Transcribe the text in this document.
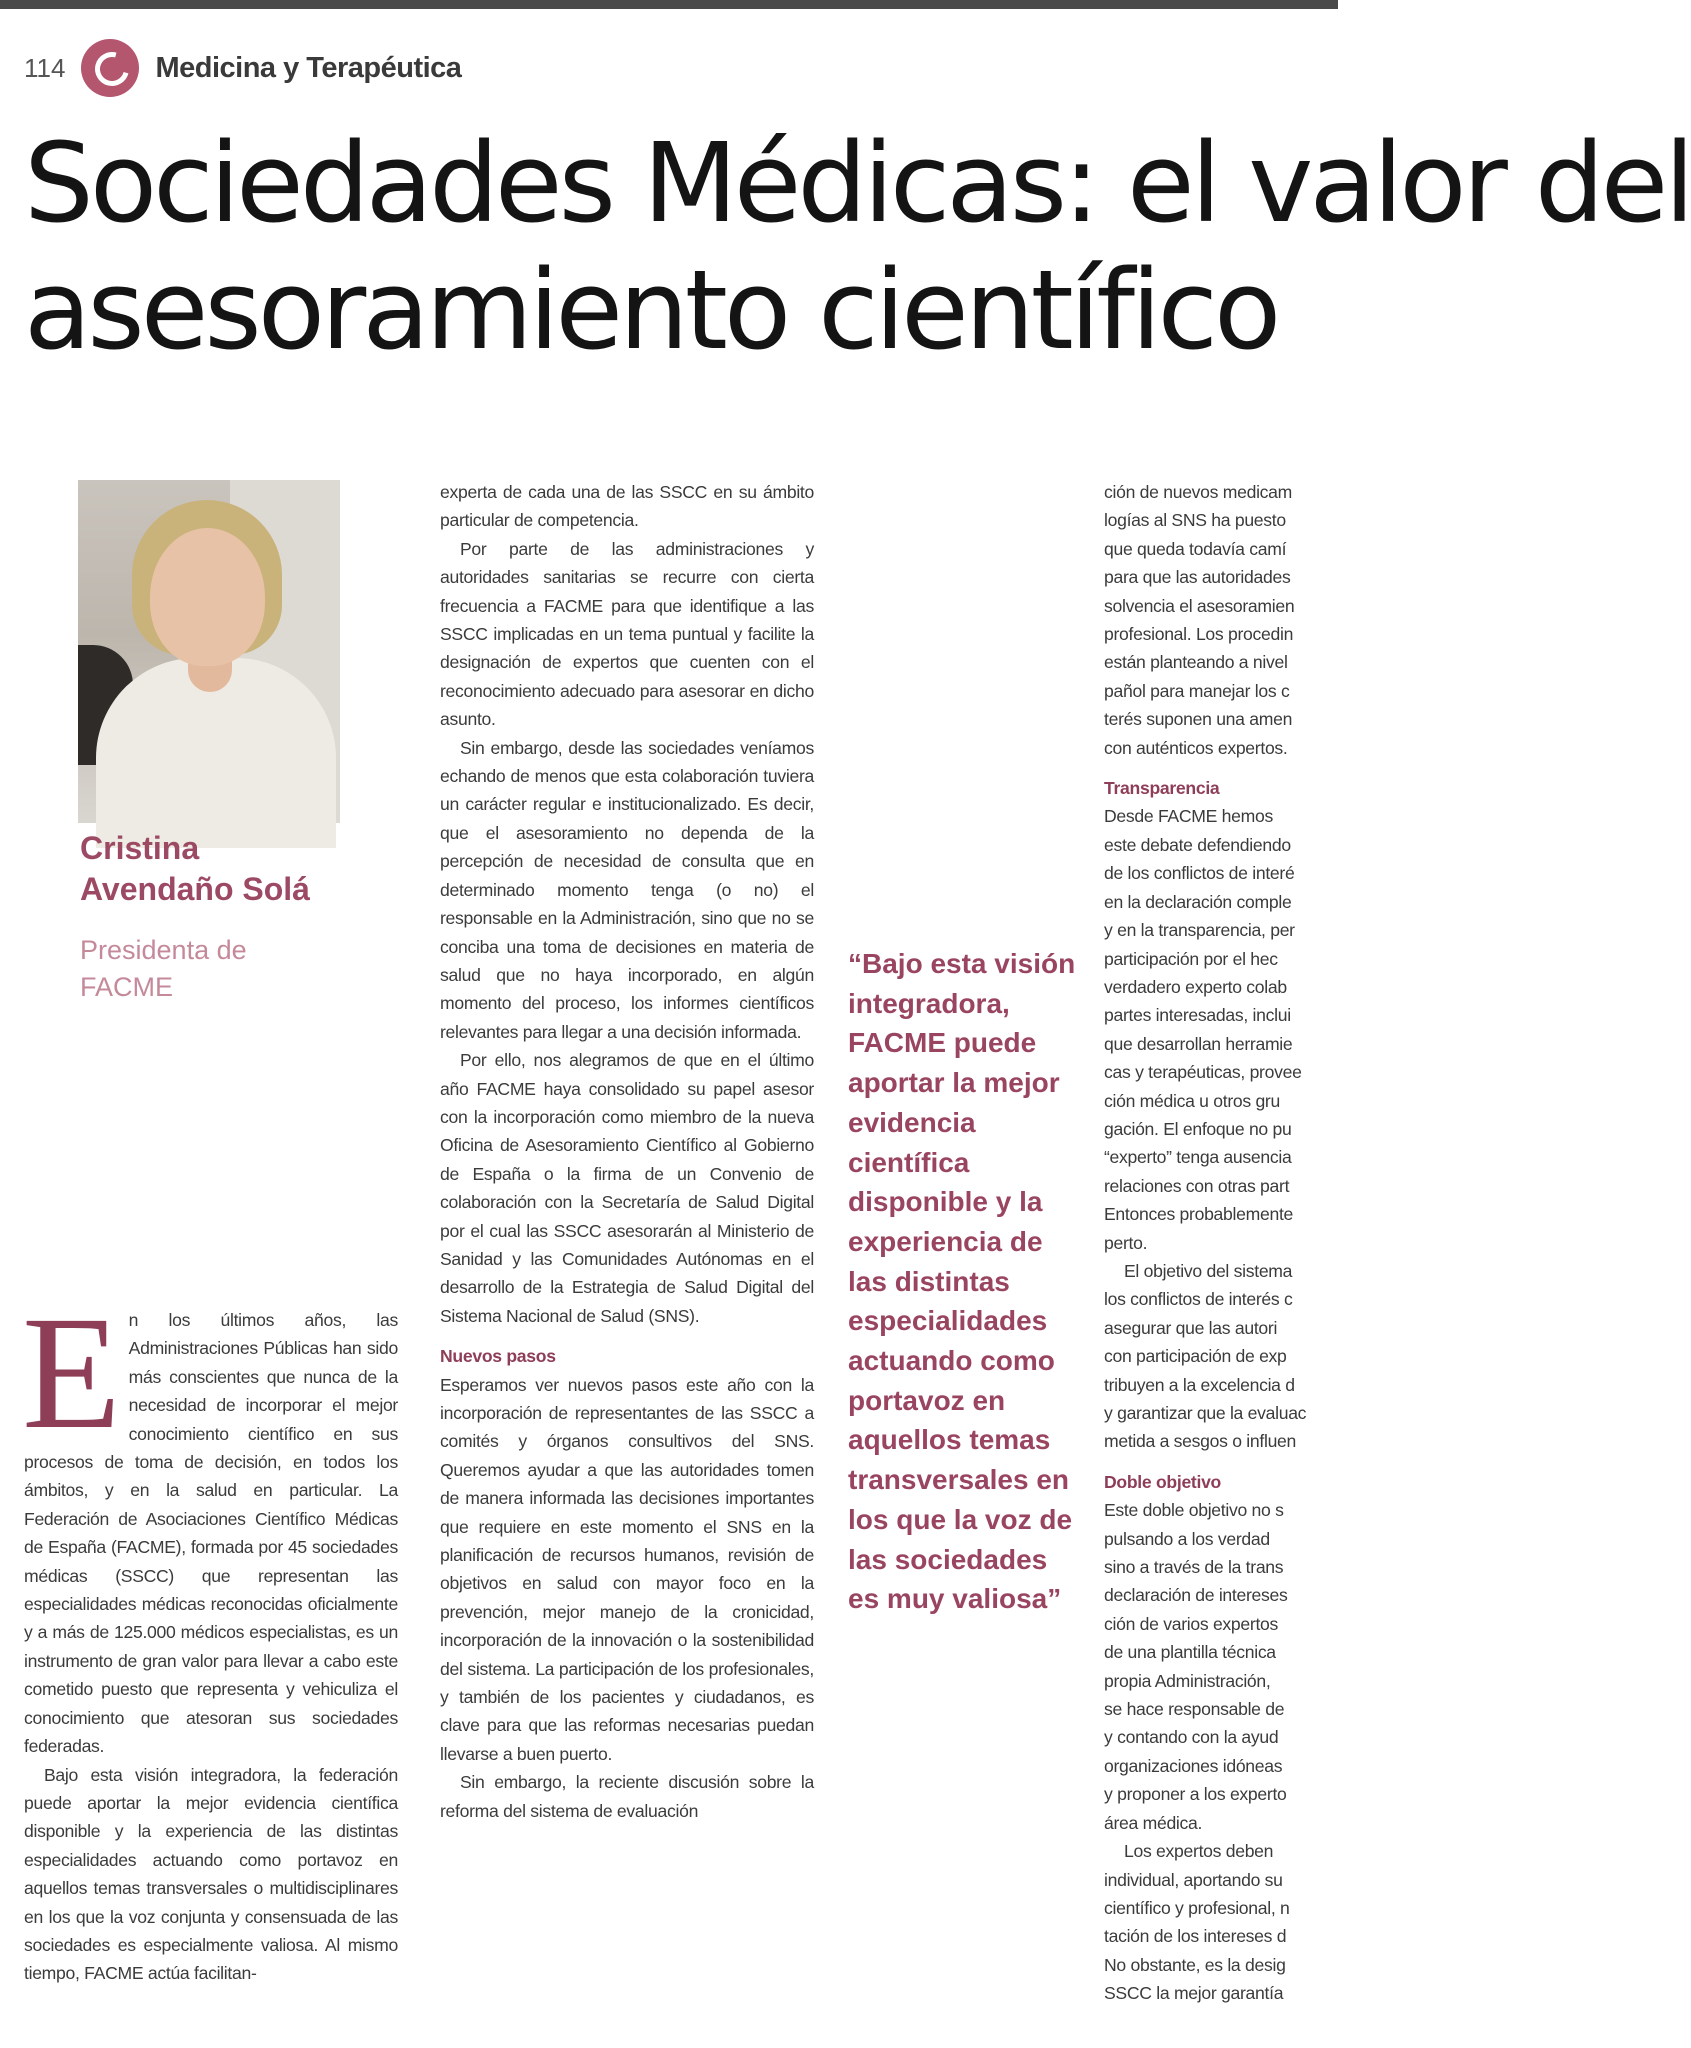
114	Medicina y Terapéutica
Sociedades Médicas: el valor del
asesoramiento científico
Cristina
Avendaño Solá
Presidenta de
FACME
E n los últimos años, las Administraciones Públicas han sido más conscientes que nunca de la necesidad de incorporar el mejor conocimiento científico en sus procesos de toma de decisión, en todos los ámbitos, y en la salud en particular. La Federación de Asociaciones Científico Médicas de España (FACME), formada por 45 sociedades médicas (SSCC) que representan las especialidades médicas reconocidas oficialmente y a más de 125.000 médicos especialistas, es un instrumento de gran valor para llevar a cabo este cometido puesto que representa y vehiculiza el conocimiento que atesoran sus sociedades federadas.

Bajo esta visión integradora, la federación puede aportar la mejor evidencia científica disponible y la experiencia de las distintas especialidades actuando como portavoz en aquellos temas transversales o multidisciplinares en los que la voz conjunta y consensuada de las sociedades es especialmente valiosa. Al mismo tiempo, FACME actúa facilitan-

experta de cada una de las SSCC en su ámbito particular de competencia.

Por parte de las administraciones y autoridades sanitarias se recurre con cierta frecuencia a FACME para que identifique a las SSCC implicadas en un tema puntual y facilite la designación de expertos que cuenten con el reconocimiento adecuado para asesorar en dicho asunto.

Sin embargo, desde las sociedades veníamos echando de menos que esta colaboración tuviera un carácter regular e institucionalizado. Es decir, que el asesoramiento no dependa de la percepción de necesidad de consulta que en determinado momento tenga (o no) el responsable en la Administración, sino que no se conciba una toma de decisiones en materia de salud que no haya incorporado, en algún momento del proceso, los informes científicos relevantes para llegar a una decisión informada.

Por ello, nos alegramos de que en el último año FACME haya consolidado su papel asesor con la incorporación como miembro de la nueva Oficina de Asesoramiento Científico al Gobierno de España o la firma de un Convenio de colaboración con la Secretaría de Salud Digital por el cual las SSCC asesorarán al Ministerio de Sanidad y las Comunidades Autónomas en el desarrollo de la Estrategia de Salud Digital del Sistema Nacional de Salud (SNS).

Nuevos pasos

Esperamos ver nuevos pasos este año con la incorporación de representantes de las SSCC a comités y órganos consultivos del SNS. Queremos ayudar a que las autoridades tomen de manera informada las decisiones importantes que requiere en este momento el SNS en la planificación de recursos humanos, revisión de objetivos en salud con mayor foco en la prevención, mejor manejo de la cronicidad, incorporación de la innovación o la sostenibilidad del sistema. La participación de los profesionales, y también de los pacientes y ciudadanos, es clave para que las reformas necesarias puedan llevarse a buen puerto.

Sin embargo, la reciente discusión sobre la reforma del sistema de evaluación

“Bajo esta visión integradora, FACME puede aportar la mejor evidencia científica disponible y la experiencia de las distintas especialidades actuando como portavoz en aquellos temas transversales en los que la voz de las sociedades es muy valiosa”
ción de nuevos medicam
logías al SNS ha puesto
que queda todavía camí
para que las autoridades
solvencia el asesoramien
profesional. Los procedin
están planteando a nivel
pañol para manejar los c
terés suponen una amen
con auténticos expertos.

Transparencia

Desde FACME hemos
este debate defendiendo
de los conflictos de interé
en la declaración comple
y en la transparencia, per
participación por el hec
verdadero experto colab
partes interesadas, inclui
que desarrollan herramie
cas y terapéuticas, provee
ción médica u otros gru
gación. El enfoque no pu
“experto” tenga ausencia
relaciones con otras part
Entonces probablemente
perto.
El objetivo del sistema
los conflictos de interés c
asegurar que las autori
con participación de exp
tribuyen a la excelencia d
y garantizar que la evaluac
metida a sesgos o influen

Doble objetivo

Este doble objetivo no s
pulsando a los verdad
sino a través de la trans
declaración de intereses
ción de varios expertos
de una plantilla técnica
propia Administración,
se hace responsable de
y contando con la ayud
organizaciones idóneas
y proponer a los experto
área médica.
Los expertos deben
individual, aportando su
científico y profesional, n
tación de los intereses d
No obstante, es la desig
SSCC la mejor garantía
